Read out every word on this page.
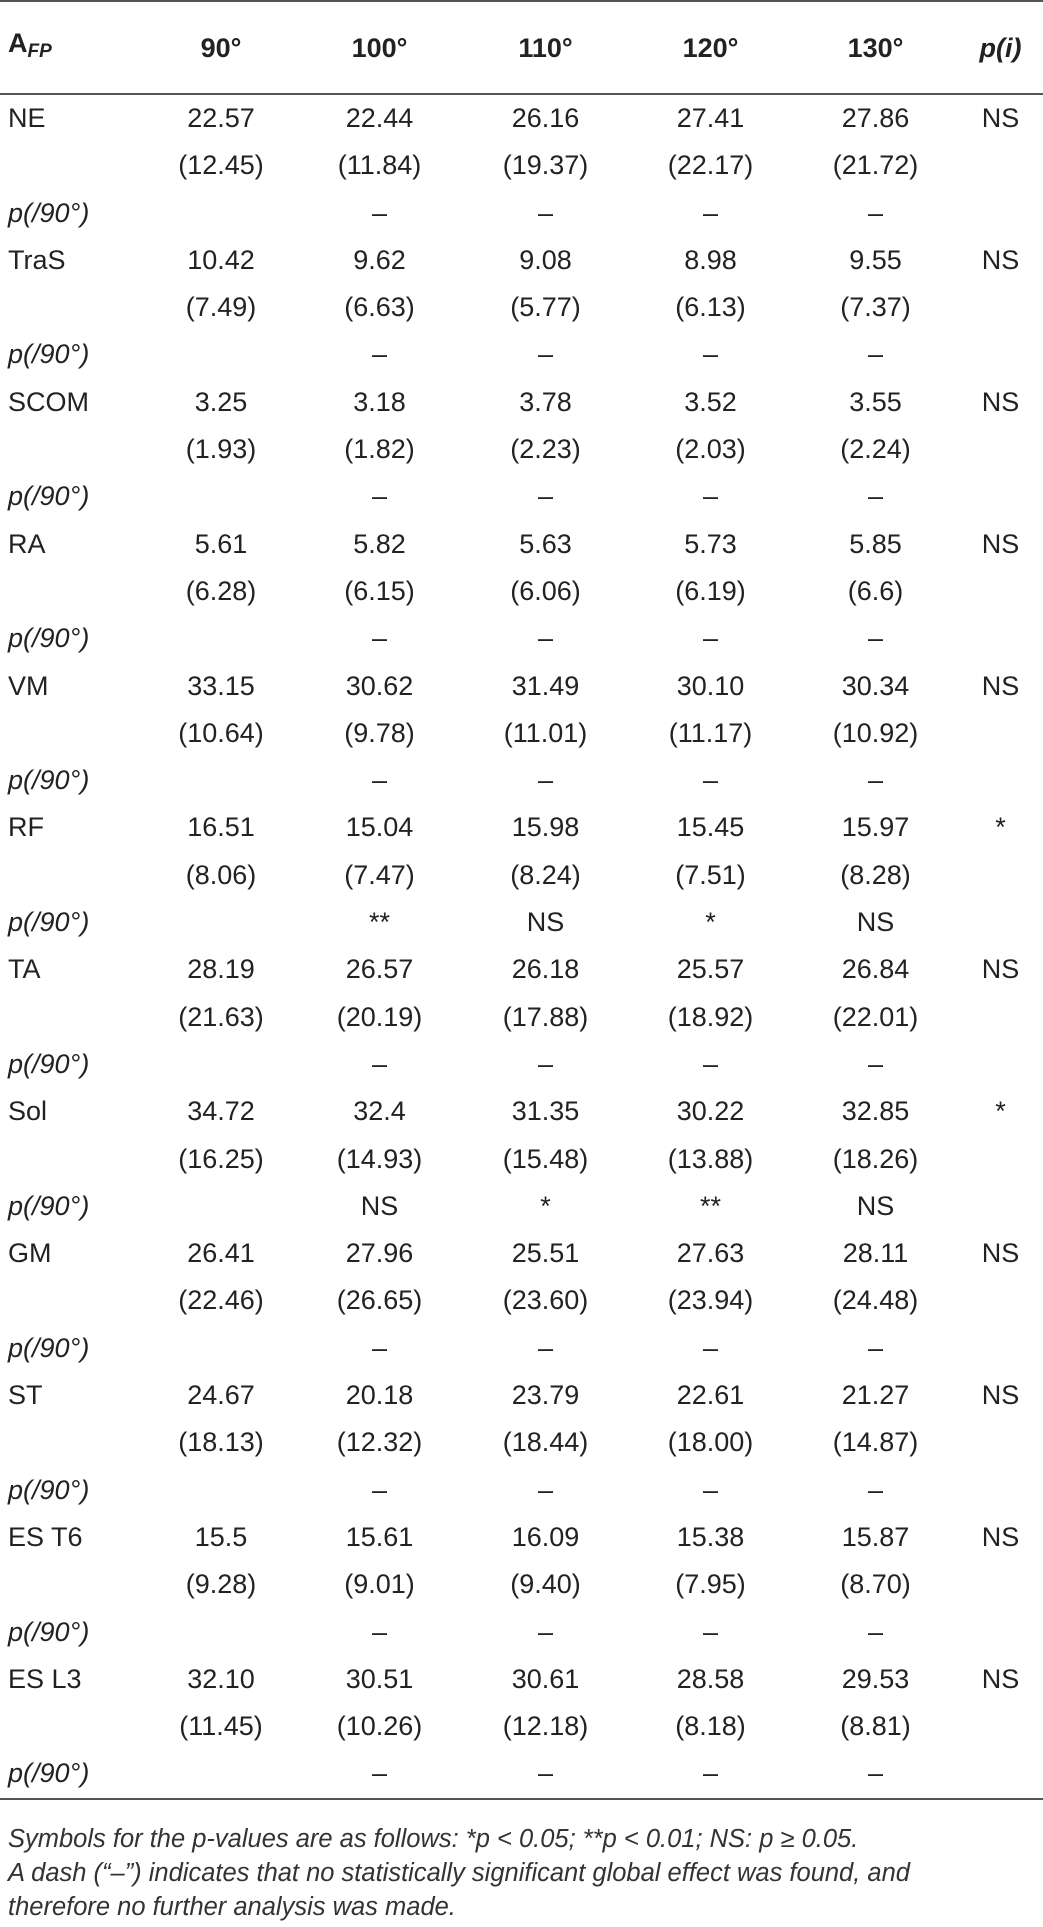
AFP	90°	100°	110°	120°	130°	p(i)
NE	22.57	22.44	26.16	27.41	27.86	NS
	(12.45)	(11.84)	(19.37)	(22.17)	(21.72)	
p(/90°)		–	–	–	–	
TraS	10.42	9.62	9.08	8.98	9.55	NS
	(7.49)	(6.63)	(5.77)	(6.13)	(7.37)	
p(/90°)		–	–	–	–	
SCOM	3.25	3.18	3.78	3.52	3.55	NS
	(1.93)	(1.82)	(2.23)	(2.03)	(2.24)	
p(/90°)		–	–	–	–	
RA	5.61	5.82	5.63	5.73	5.85	NS
	(6.28)	(6.15)	(6.06)	(6.19)	(6.6)	
p(/90°)		–	–	–	–	
VM	33.15	30.62	31.49	30.10	30.34	NS
	(10.64)	(9.78)	(11.01)	(11.17)	(10.92)	
p(/90°)		–	–	–	–	
RF	16.51	15.04	15.98	15.45	15.97	*
	(8.06)	(7.47)	(8.24)	(7.51)	(8.28)	
p(/90°)		**	NS	*	NS	
TA	28.19	26.57	26.18	25.57	26.84	NS
	(21.63)	(20.19)	(17.88)	(18.92)	(22.01)	
p(/90°)		–	–	–	–	
Sol	34.72	32.4	31.35	30.22	32.85	*
	(16.25)	(14.93)	(15.48)	(13.88)	(18.26)	
p(/90°)		NS	*	**	NS	
GM	26.41	27.96	25.51	27.63	28.11	NS
	(22.46)	(26.65)	(23.60)	(23.94)	(24.48)	
p(/90°)		–	–	–	–	
ST	24.67	20.18	23.79	22.61	21.27	NS
	(18.13)	(12.32)	(18.44)	(18.00)	(14.87)	
p(/90°)		–	–	–	–	
ES T6	15.5	15.61	16.09	15.38	15.87	NS
	(9.28)	(9.01)	(9.40)	(7.95)	(8.70)	
p(/90°)		–	–	–	–	
ES L3	32.10	30.51	30.61	28.58	29.53	NS
	(11.45)	(10.26)	(12.18)	(8.18)	(8.81)	
p(/90°)		–	–	–	–	

Symbols for the p-values are as follows: *p < 0.05; **p < 0.01; NS: p ≥ 0.05.

A dash (“–”) indicates that no statistically significant global effect was found, and

therefore no further analysis was made.
